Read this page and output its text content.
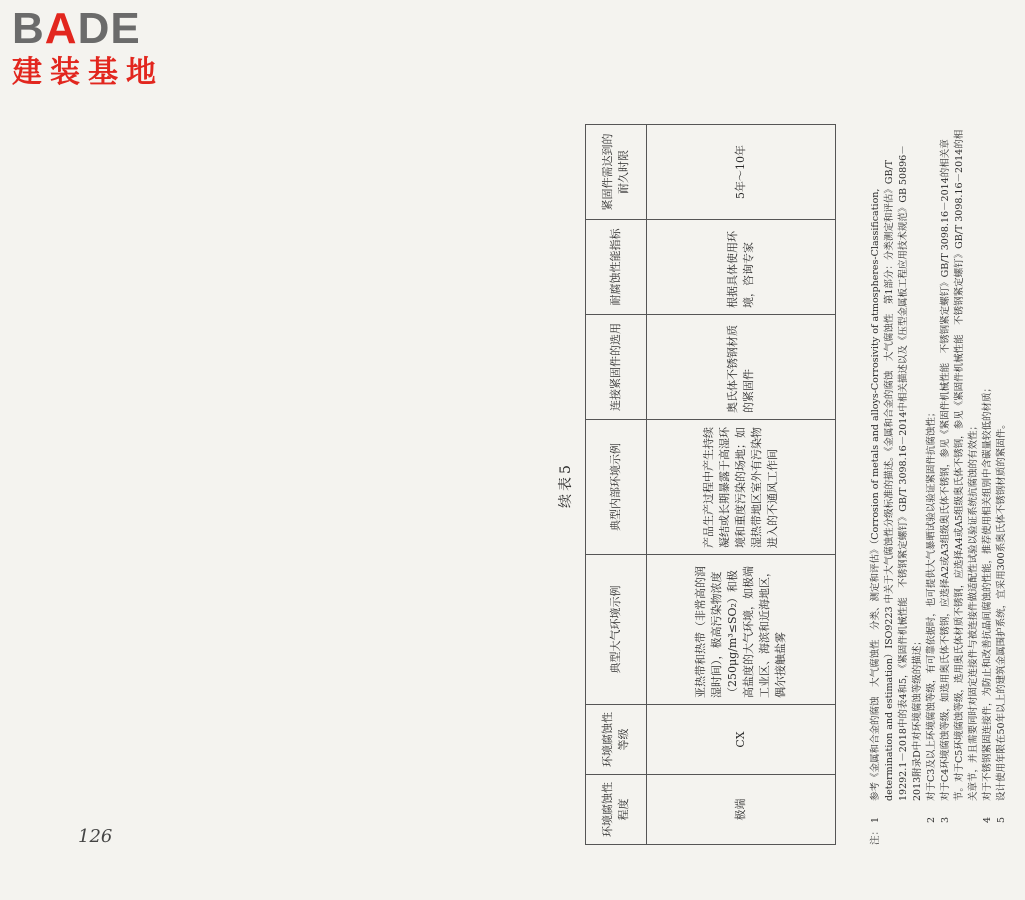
BADE
建装基地
续表5
环境腐蚀性程度	环境腐蚀性等级	典型大气环境示例	典型内部环境示例	连接紧固件的选用	耐腐蚀性能指标	紧固件需达到的耐久时限
极端	CX	亚热带和热带（非常高的润湿时间），极高污染物浓度（250μg/m³≤SO₂）和极高盐度的大气环境，如极端工业区、海滨和近海地区，偶尔接触盐雾	产品生产过程中产生持续凝结或长期暴露于高湿环境和重度污染的场地；如湿热带地区室外有污染物进入的不通风工作间	奥氏体不锈钢材质的紧固件	根据具体使用环境，咨询专家	5年～10年
注：
1
参考《金属和合金的腐蚀　大气腐蚀性　分类、测定和评估》（Corrosion of metals and alloys-Corrosivity of atmospheres-Classification, determination and estimation）ISO9223 中关于大气腐蚀性分级标准的描述。《金属和合金的腐蚀　大气腐蚀性　第1部分：分类测定和评估》GB/T 19292.1－2018中的表4和5，《紧固件机械性能　不锈钢紧定螺钉》GB/T 3098.16－2014中相关描述以及《压型金属板工程应用技术规范》GB 50896－2013附录D中对环境腐蚀等级的描述；
2
对于C3及以上环境腐蚀等级，有可靠依据时，也可提供大气暴晒试验以验证紧固件抗腐蚀性；
3
对于C4环境腐蚀等级，如选用奥氏体不锈钢，应选择A2或A3组级奥氏体不锈钢，参见《紧固件机械性能　不锈钢紧定螺钉》GB/T 3098.16－2014的相关章节。对于C5环境腐蚀等级，选用奥氏体材质不锈钢，应选择A4或A5组级奥氏体不锈钢，参见《紧固件机械性能　不锈钢紧定螺钉》GB/T 3098.16－2014的相关章节，并且需要同时对固定连接件与被连接件做适配性试验以验证系统抗腐蚀的有效性；
4
对于不锈钢紧固连接件，为防止和改善抗晶间腐蚀的性能，推荐使用相关组别中含碳量较低的材质；
5
设计使用年限在50年以上的建筑金属围护系统，宜采用300系奥氏体不锈钢材质的紧固件。
126
